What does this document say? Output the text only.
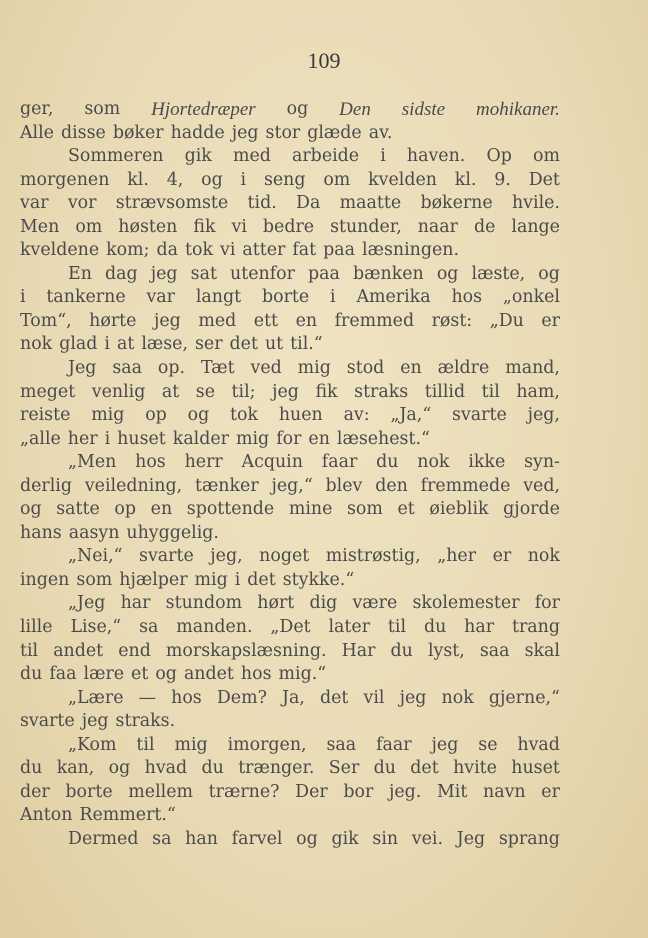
109
ger, som Hjortedræper og Den sidste mohikaner.
Alle disse bøker hadde jeg stor glæde av.
Sommeren gik med arbeide i haven. Op om
morgenen kl. 4, og i seng om kvelden kl. 9. Det
var vor strævsomste tid. Da maatte bøkerne hvile.
Men om høsten fik vi bedre stunder, naar de lange
kveldene kom; da tok vi atter fat paa læsningen.
En dag jeg sat utenfor paa bænken og læste, og
i tankerne var langt borte i Amerika hos „onkel
Tom“, hørte jeg med ett en fremmed røst: „Du er
nok glad i at læse, ser det ut til.“
Jeg saa op. Tæt ved mig stod en ældre mand,
meget venlig at se til; jeg fik straks tillid til ham,
reiste mig op og tok huen av: „Ja,“ svarte jeg,
„alle her i huset kalder mig for en læsehest.“
„Men hos herr Acquin faar du nok ikke syn-
derlig veiledning, tænker jeg,“ blev den fremmede ved,
og satte op en spottende mine som et øieblik gjorde
hans aasyn uhyggelig.
„Nei,“ svarte jeg, noget mistrøstig, „her er nok
ingen som hjælper mig i det stykke.“
„Jeg har stundom hørt dig være skolemester for
lille Lise,“ sa manden. „Det later til du har trang
til andet end morskapslæsning. Har du lyst, saa skal
du faa lære et og andet hos mig.“
„Lære — hos Dem? Ja, det vil jeg nok gjerne,“
svarte jeg straks.
„Kom til mig imorgen, saa faar jeg se hvad
du kan, og hvad du trænger. Ser du det hvite huset
der borte mellem trærne? Der bor jeg. Mit navn er
Anton Remmert.“
Dermed sa han farvel og gik sin vei. Jeg sprang
